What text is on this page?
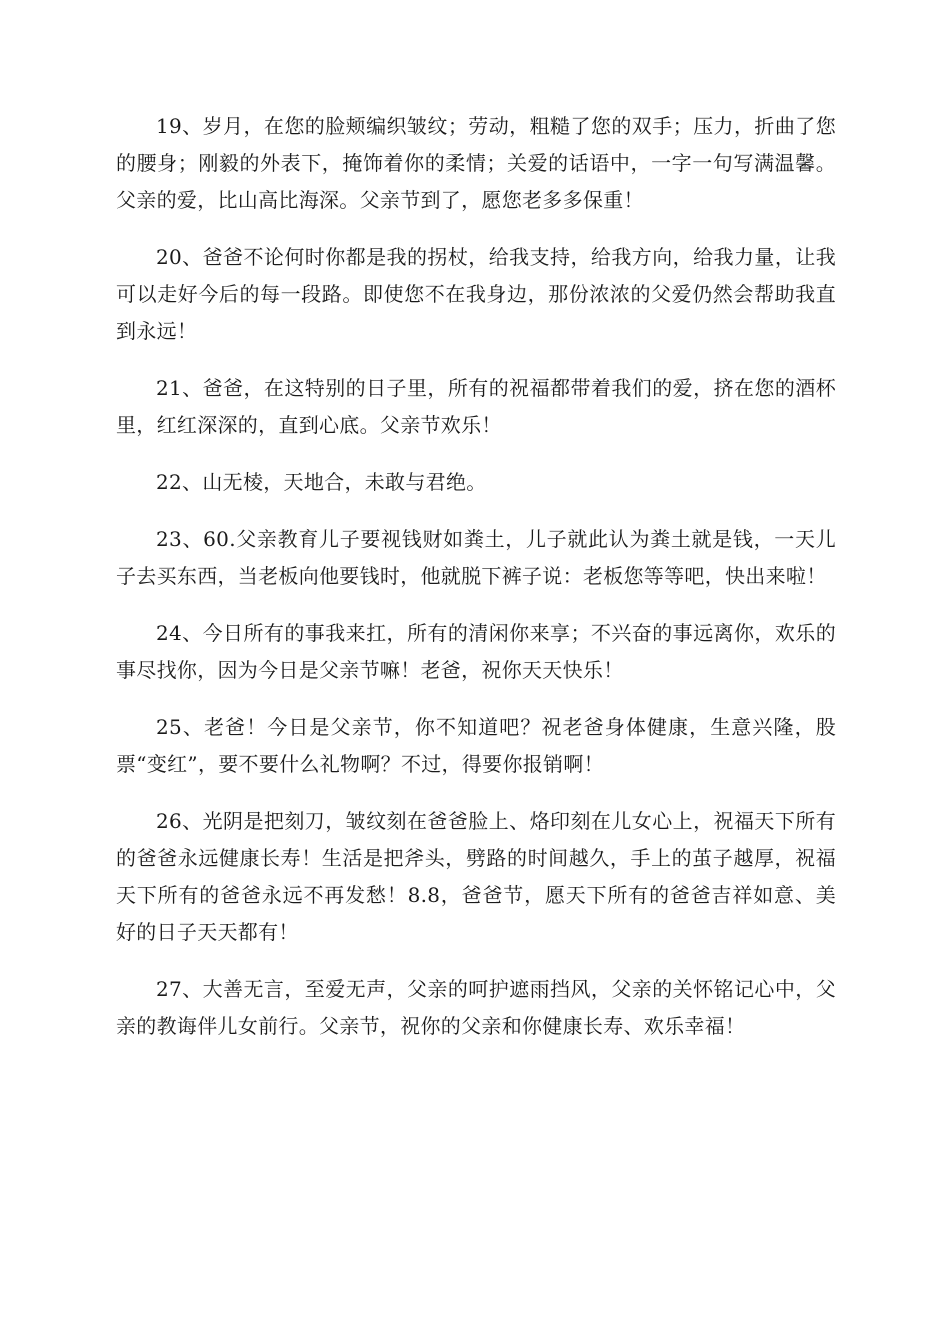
19、岁月，在您的脸颊编织皱纹；劳动，粗糙了您的双手；压力，折曲了您的腰身；刚毅的外表下，掩饰着你的柔情；关爱的话语中，一字一句写满温馨。父亲的爱，比山高比海深。父亲节到了，愿您老多多保重！

20、爸爸不论何时你都是我的拐杖，给我支持，给我方向，给我力量，让我可以走好今后的每一段路。即使您不在我身边，那份浓浓的父爱仍然会帮助我直到永远！

21、爸爸，在这特别的日子里，所有的祝福都带着我们的爱，挤在您的酒杯里，红红深深的，直到心底。父亲节欢乐！

22、山无棱，天地合，未敢与君绝。

23、60.父亲教育儿子要视钱财如粪土，儿子就此认为粪土就是钱，一天儿子去买东西，当老板向他要钱时，他就脱下裤子说：老板您等等吧，快出来啦！

24、今日所有的事我来扛，所有的清闲你来享；不兴奋的事远离你，欢乐的事尽找你，因为今日是父亲节嘛！老爸，祝你天天快乐！

25、老爸！今日是父亲节，你不知道吧？祝老爸身体健康，生意兴隆，股票“变红”，要不要什么礼物啊？不过，得要你报销啊！

26、光阴是把刻刀，皱纹刻在爸爸脸上、烙印刻在儿女心上，祝福天下所有的爸爸永远健康长寿！生活是把斧头，劈路的时间越久，手上的茧子越厚，祝福天下所有的爸爸永远不再发愁！8.8，爸爸节，愿天下所有的爸爸吉祥如意、美好的日子天天都有！

27、大善无言，至爱无声，父亲的呵护遮雨挡风，父亲的关怀铭记心中，父亲的教诲伴儿女前行。父亲节，祝你的父亲和你健康长寿、欢乐幸福！
